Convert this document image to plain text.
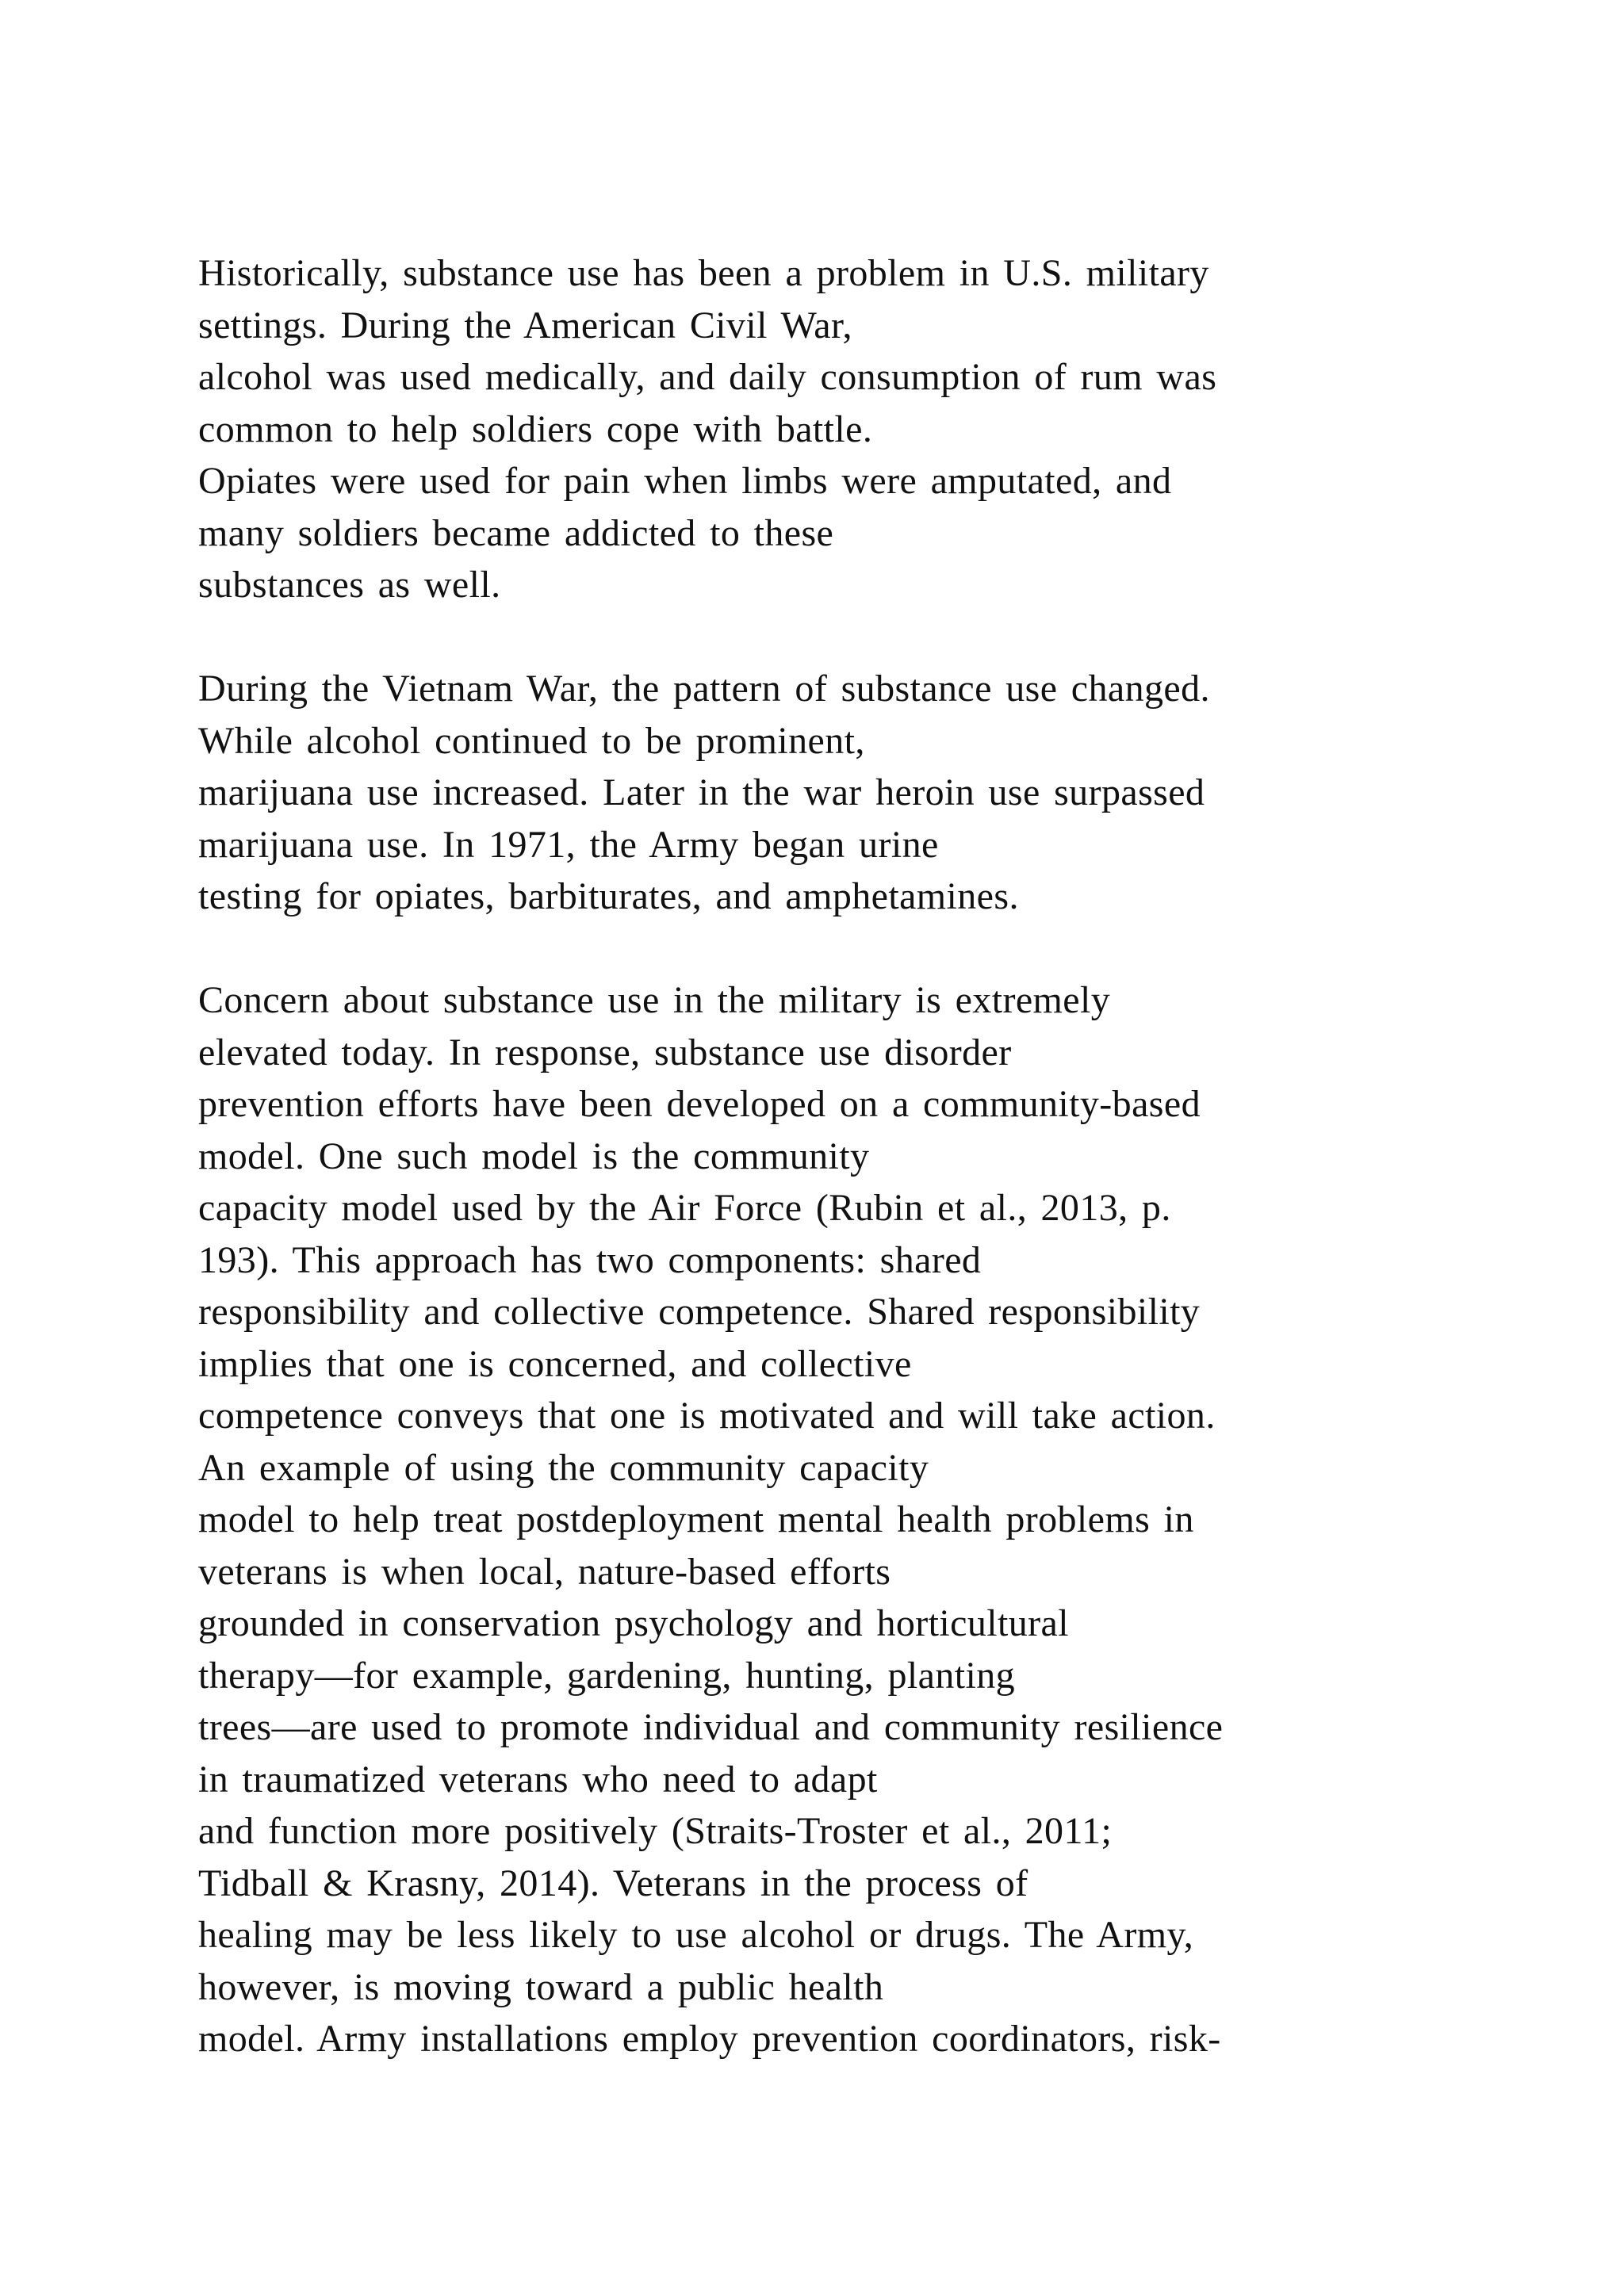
Historically, substance use has been a problem in U.S. military
settings. During the American Civil War,
alcohol was used medically, and daily consumption of rum was
common to help soldiers cope with battle.
Opiates were used for pain when limbs were amputated, and
many soldiers became addicted to these
substances as well.
During the Vietnam War, the pattern of substance use changed.
While alcohol continued to be prominent,
marijuana use increased. Later in the war heroin use surpassed
marijuana use. In 1971, the Army began urine
testing for opiates, barbiturates, and amphetamines.
Concern about substance use in the military is extremely
elevated today. In response, substance use disorder
prevention efforts have been developed on a community-based
model. One such model is the community
capacity model used by the Air Force (Rubin et al., 2013, p.
193). This approach has two components: shared
responsibility and collective competence. Shared responsibility
implies that one is concerned, and collective
competence conveys that one is motivated and will take action.
An example of using the community capacity
model to help treat postdeployment mental health problems in
veterans is when local, nature-based efforts
grounded in conservation psychology and horticultural
therapy—for example, gardening, hunting, planting
trees—are used to promote individual and community resilience
in traumatized veterans who need to adapt
and function more positively (Straits-Troster et al., 2011;
Tidball & Krasny, 2014). Veterans in the process of
healing may be less likely to use alcohol or drugs. The Army,
however, is moving toward a public health
model. Army installations employ prevention coordinators, risk-
